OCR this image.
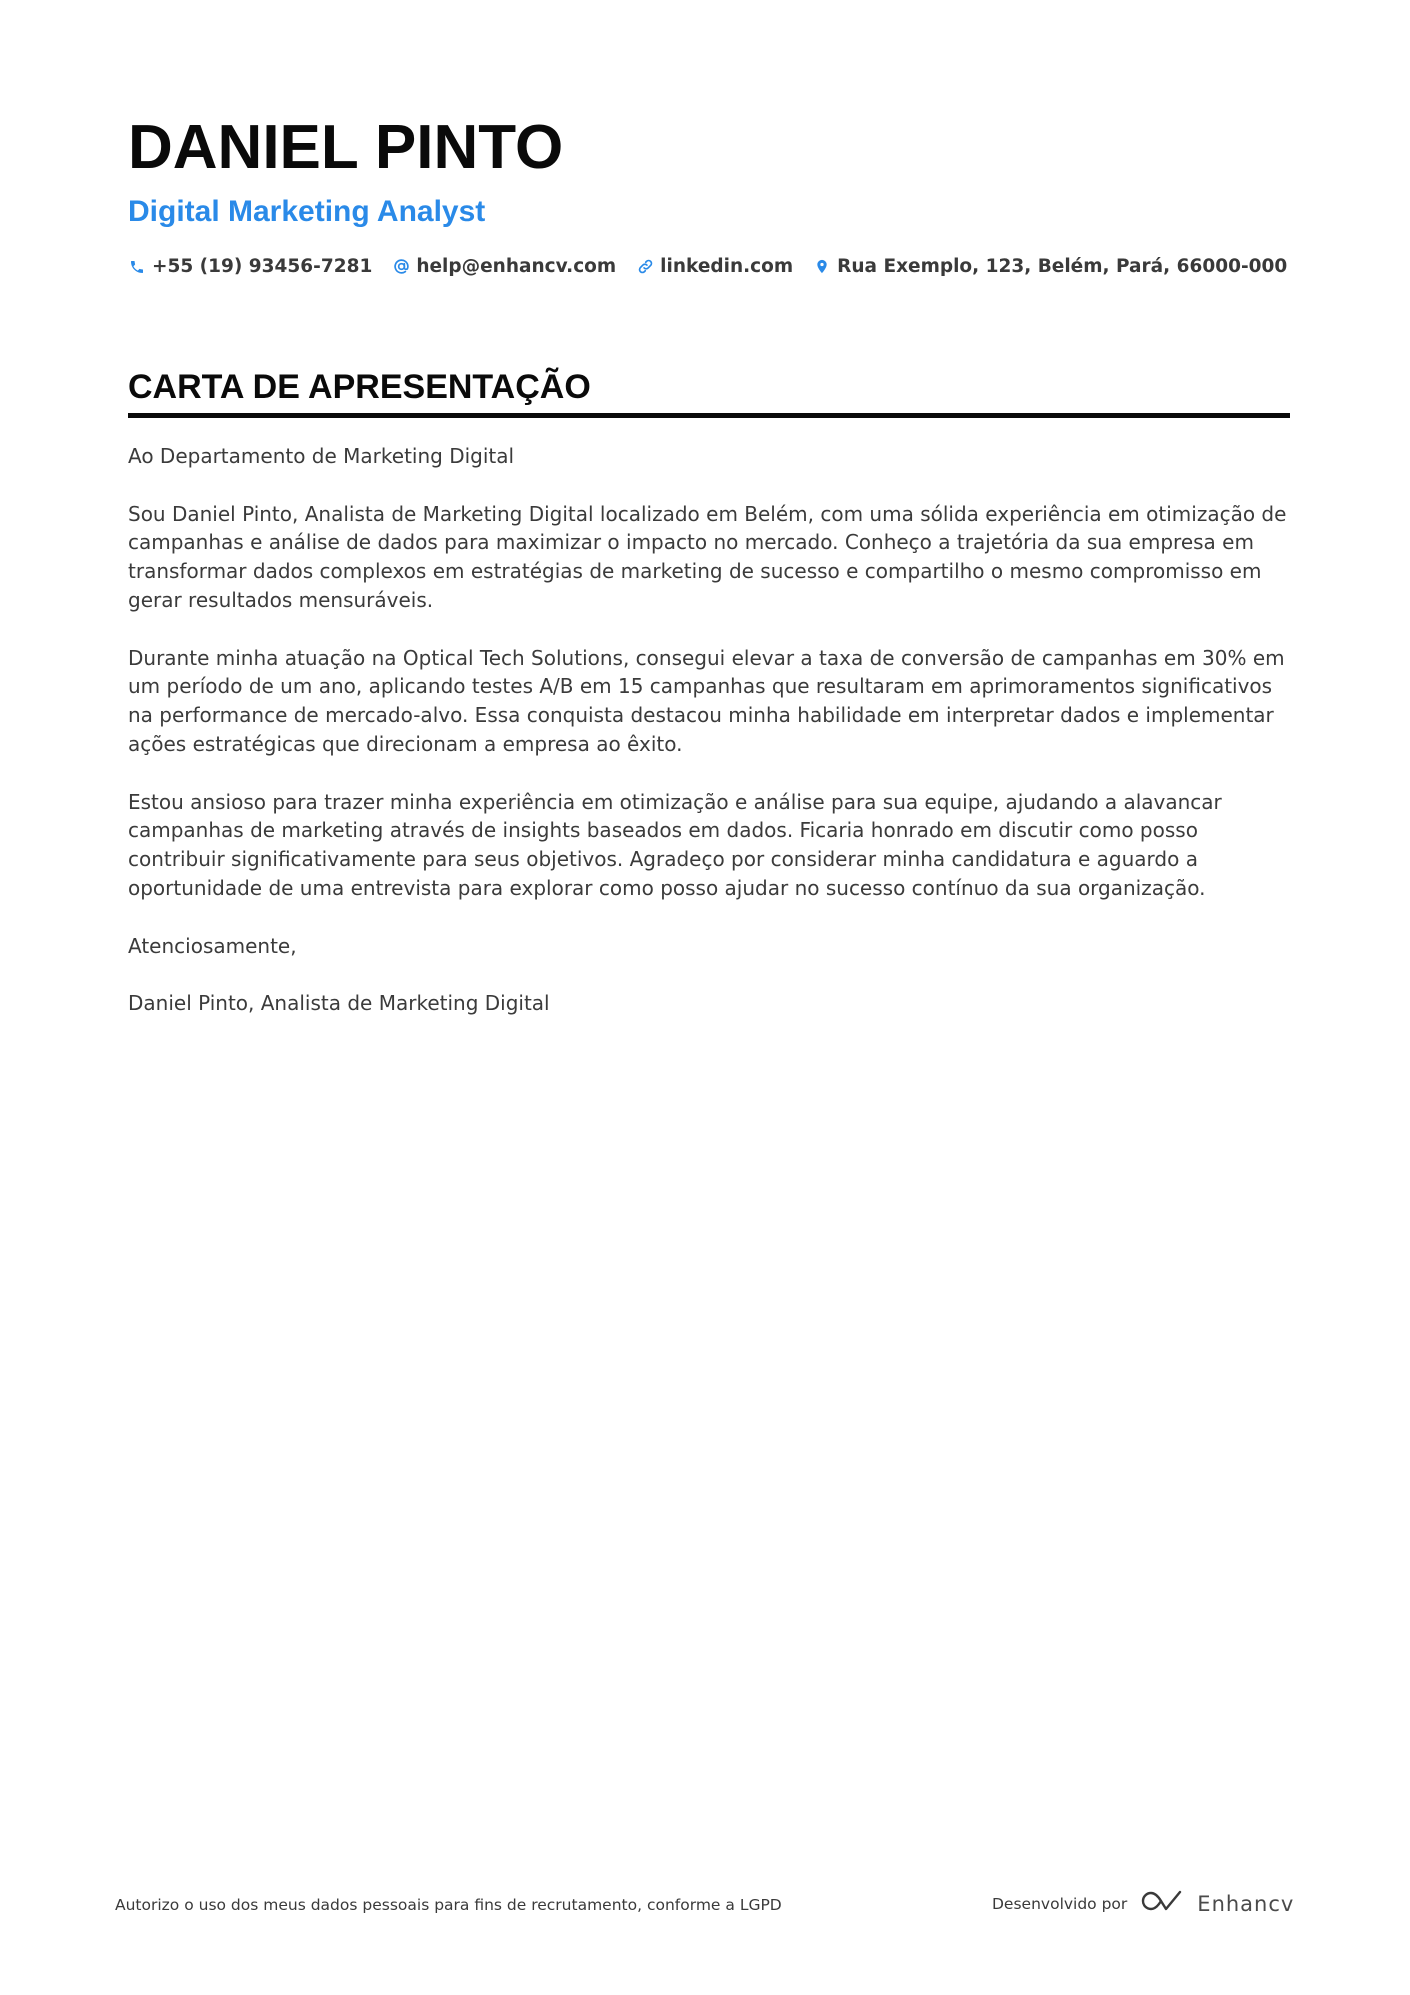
DANIEL PINTO
Digital Marketing Analyst
+55 (19) 93456-7281 help@enhancv.com linkedin.com Rua Exemplo, 123, Belém, Pará, 66000-000
CARTA DE APRESENTAÇÃO

Ao Departamento de Marketing Digital

Sou Daniel Pinto, Analista de Marketing Digital localizado em Belém, com uma sólida experiência em otimização de campanhas e análise de dados para maximizar o impacto no mercado. Conheço a trajetória da sua empresa em transformar dados complexos em estratégias de marketing de sucesso e compartilho o mesmo compromisso em gerar resultados mensuráveis.

Durante minha atuação na Optical Tech Solutions, consegui elevar a taxa de conversão de campanhas em 30% em um período de um ano, aplicando testes A/B em 15 campanhas que resultaram em aprimoramentos significativos na performance de mercado-alvo. Essa conquista destacou minha habilidade em interpretar dados e implementar ações estratégicas que direcionam a empresa ao êxito.

Estou ansioso para trazer minha experiência em otimização e análise para sua equipe, ajudando a alavancar campanhas de marketing através de insights baseados em dados. Ficaria honrado em discutir como posso contribuir significativamente para seus objetivos. Agradeço por considerar minha candidatura e aguardo a oportunidade de uma entrevista para explorar como posso ajudar no sucesso contínuo da sua organização.

Atenciosamente,

Daniel Pinto, Analista de Marketing Digital

Autorizo o uso dos meus dados pessoais para fins de recrutamento, conforme a LGPD	Desenvolvido por	Enhancv
